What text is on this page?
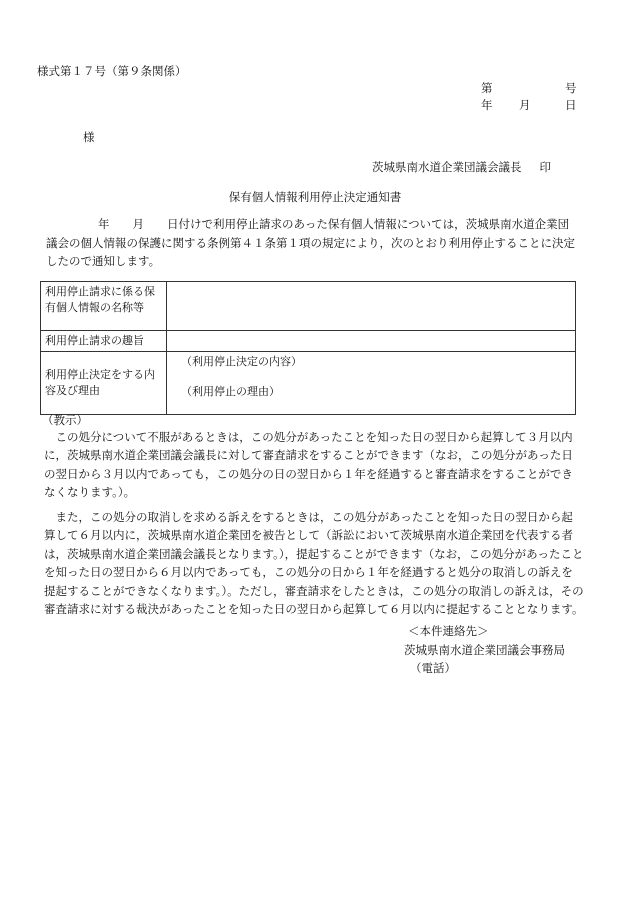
様式第１７号（第９条関係）
第	号
年 月	日
様
茨城県南水道企業団議会議長 印
保有個人情報利用停止決定通知書
年　　月　　日付けで利用停止請求のあった保有個人情報については，茨城県南水道企業団議会の個人情報の保護に関する条例第４１条第１項の規定により，次のとおり利用停止することに決定したので通知します。
利用停止請求に係る保有個人情報の名称等	
利用停止請求の趣旨	
利用停止決定をする内容及び理由	（利用停止決定の内容）
（利用停止の理由）
（教示）
この処分について不服があるときは，この処分があったことを知った日の翌日から起算して３月以内に，茨城県南水道企業団議会議長に対して審査請求をすることができます（なお，この処分があった日の翌日から３月以内であっても，この処分の日の翌日から１年を経過すると審査請求をすることができなくなります。）。
また，この処分の取消しを求める訴えをするときは，この処分があったことを知った日の翌日から起算して６月以内に，茨城県南水道企業団を被告として（訴訟において茨城県南水道企業団を代表する者は，茨城県南水道企業団議会議長となります。），提起することができます（なお，この処分があったことを知った日の翌日から６月以内であっても，この処分の日から１年を経過すると処分の取消しの訴えを提起することができなくなります。）。ただし，審査請求をしたときは，この処分の取消しの訴えは，その審査請求に対する裁決があったことを知った日の翌日から起算して６月以内に提起することとなります。
＜本件連絡先＞
茨城県南水道企業団議会事務局
（電話）
